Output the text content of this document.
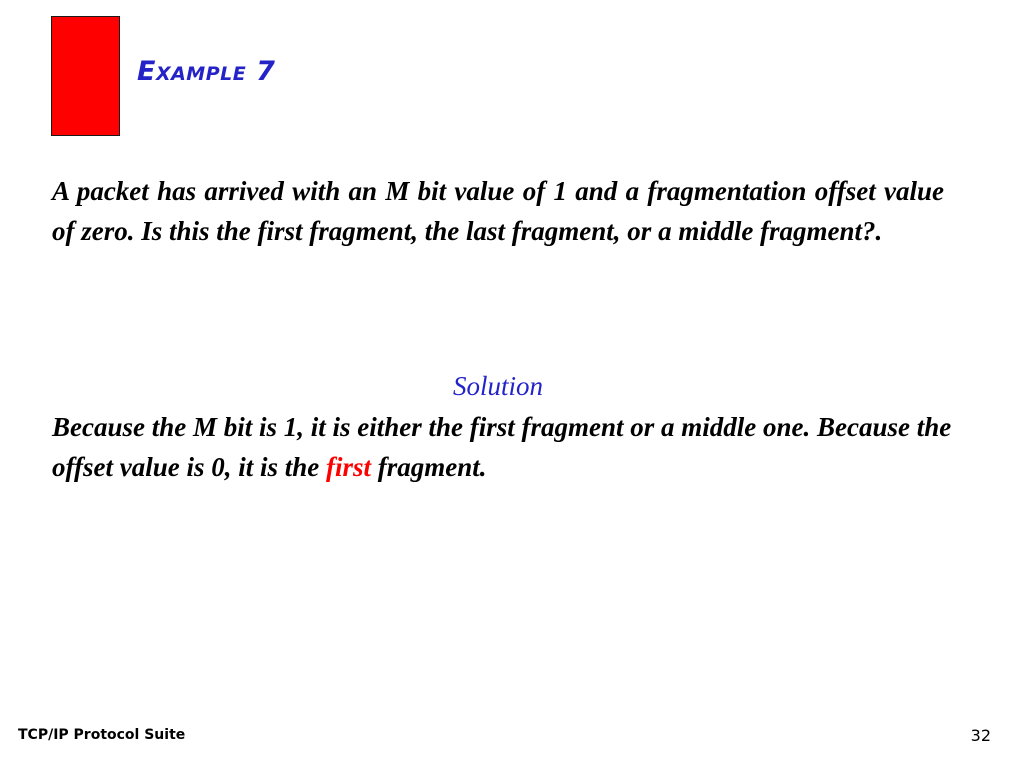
Example 7

A packet has arrived with an M bit value of 1 and a fragmentation offset value of zero. Is this the first fragment, the last fragment, or a middle fragment?.

Solution

Because the M bit is 1, it is either the first fragment or a middle one. Because the offset value is 0, it is the first fragment.

TCP/IP Protocol Suite	32
